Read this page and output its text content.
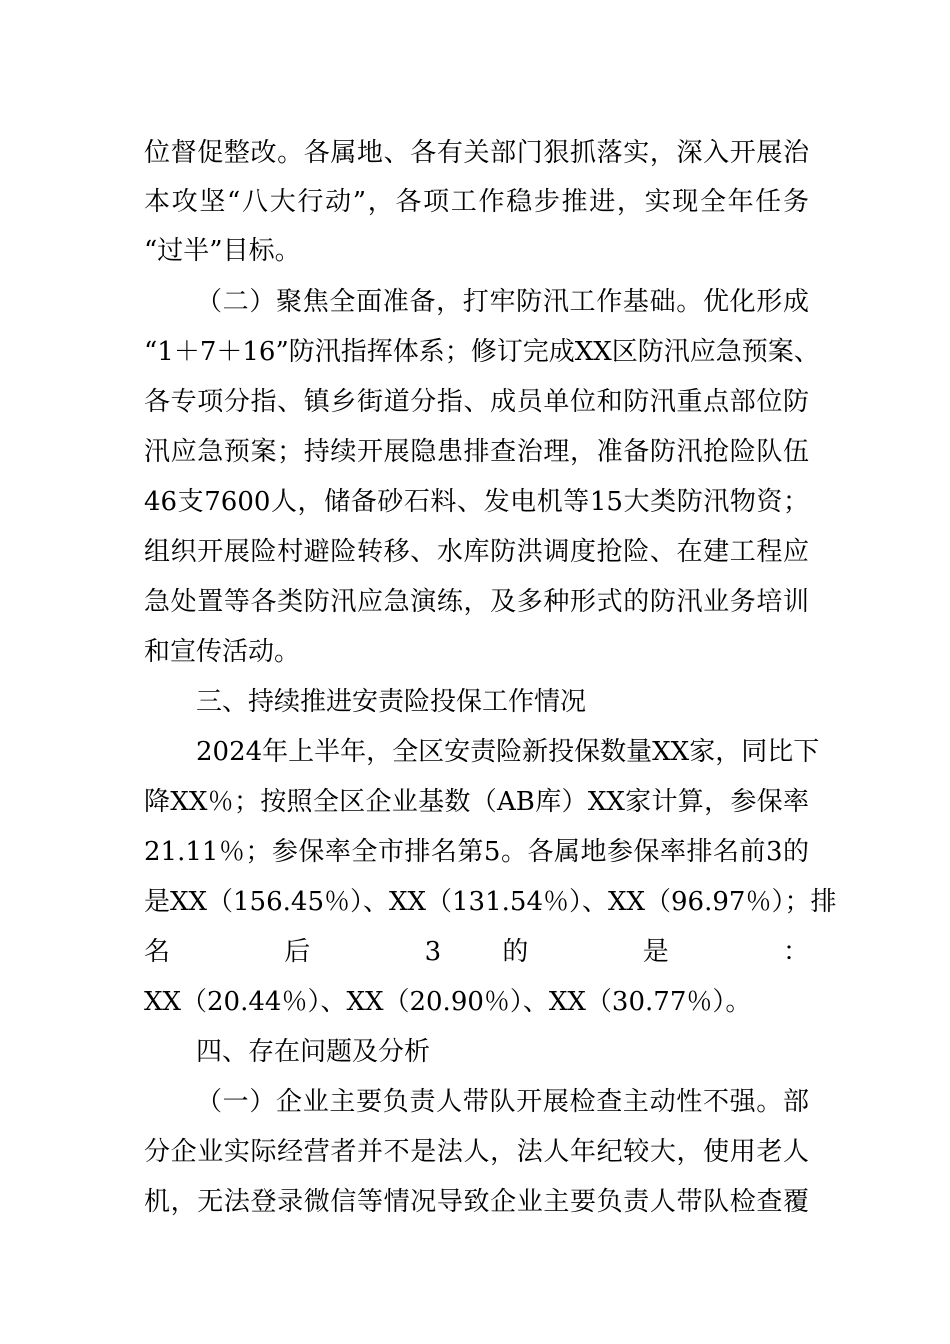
位督促整改。各属地、各有关部门狠抓落实，深入开展治
本攻坚“八大行动”，各项工作稳步推进，实现全年任务
“过半”目标。
（二）聚焦全面准备，打牢防汛工作基础。优化形成
“1＋7＋16”防汛指挥体系；修订完成XX区防汛应急预案、
各专项分指、镇乡街道分指、成员单位和防汛重点部位防
汛应急预案；持续开展隐患排查治理，准备防汛抢险队伍
46支7600人，储备砂石料、发电机等15大类防汛物资；
组织开展险村避险转移、水库防洪调度抢险、在建工程应
急处置等各类防汛应急演练，及多种形式的防汛业务培训
和宣传活动。
三、持续推进安责险投保工作情况
2024年上半年，全区安责险新投保数量XX家，同比下
降XX％；按照全区企业基数（AB库）XX家计算，参保率
21.11％；参保率全市排名第5。各属地参保率排名前3的
是XX（156.45％）、XX（131.54％）、XX（96.97％）；排
名 后 3 的 是 ：
XX（20.44％）、XX（20.90％）、XX（30.77％）。
四、存在问题及分析
（一）企业主要负责人带队开展检查主动性不强。部
分企业实际经营者并不是法人，法人年纪较大，使用老人
机，无法登录微信等情况导致企业主要负责人带队检查覆
